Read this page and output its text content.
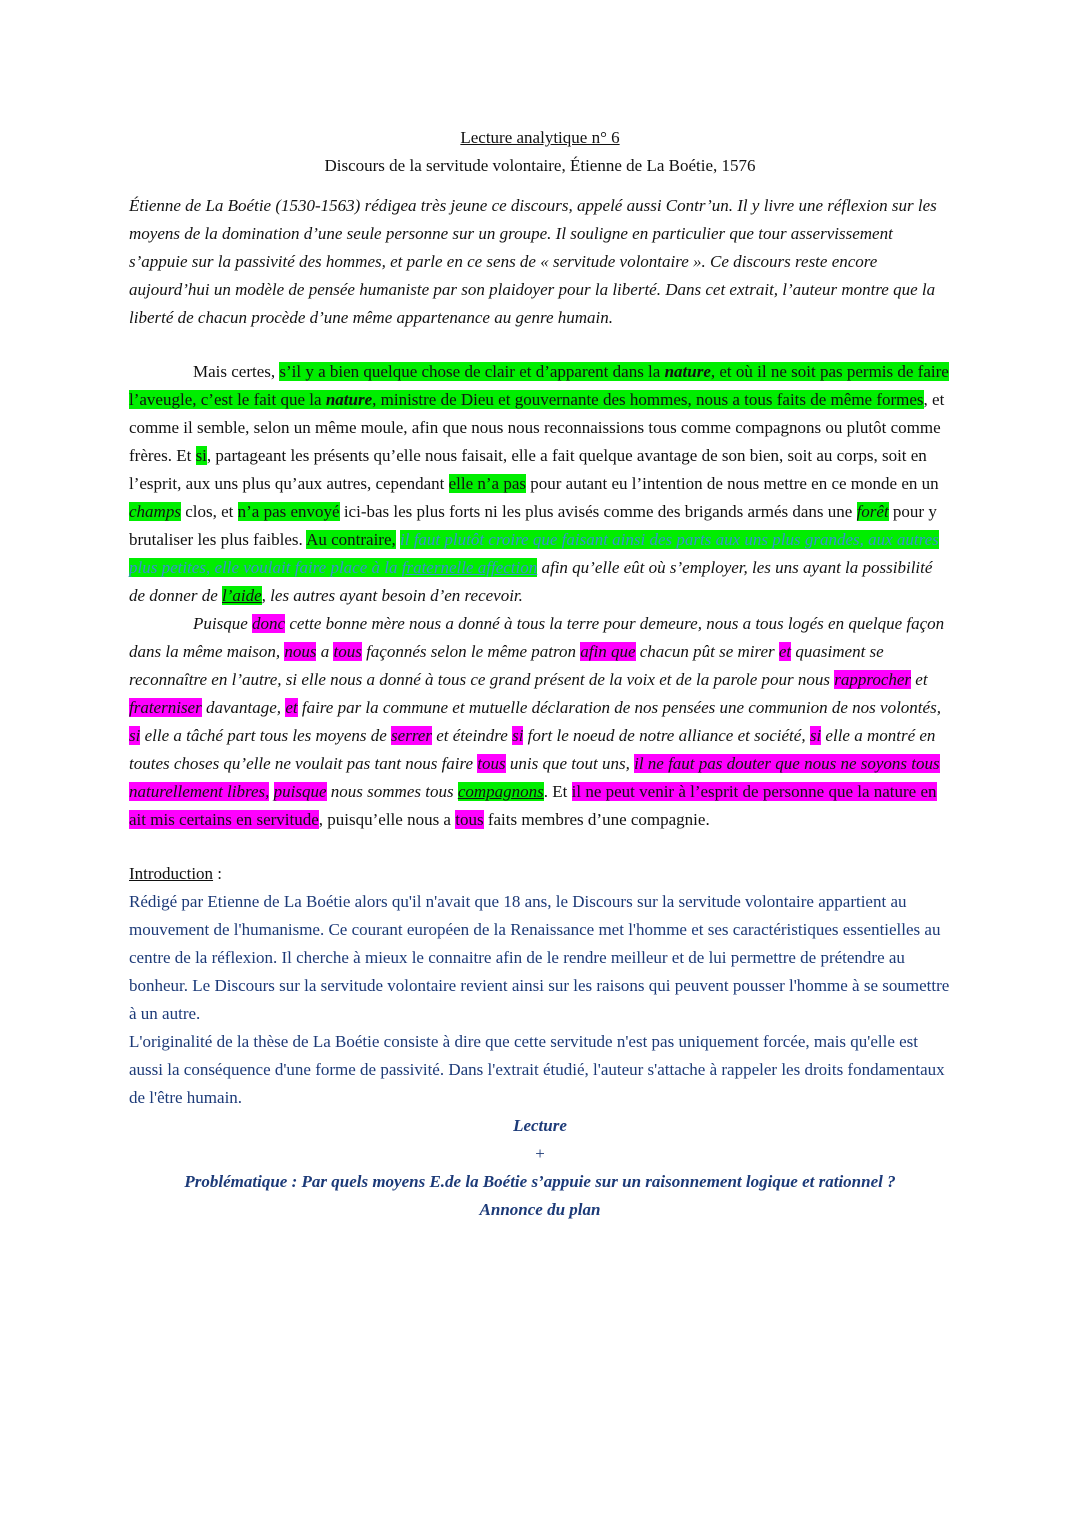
Lecture analytique n° 6
Discours de la servitude volontaire, Étienne de La Boétie, 1576
Étienne de La Boétie (1530-1563) rédigea très jeune ce discours, appelé aussi Contr’un. Il y livre une réflexion sur les moyens de la domination d’une seule personne sur un groupe. Il souligne en particulier que tour asservissement s’appuie sur la passivité des hommes, et parle en ce sens de « servitude volontaire ». Ce discours reste encore aujourd’hui un modèle de pensée humaniste par son plaidoyer pour la liberté. Dans cet extrait, l’auteur montre que la liberté de chacun procède d’une même appartenance au genre humain.

Mais certes, s’il y a bien quelque chose de clair et d’apparent dans la nature, et où il ne soit pas permis de faire l’aveugle, c’est le fait que la nature, ministre de Dieu et gouvernante des hommes, nous a tous faits de même formes, et comme il semble, selon un même moule, afin que nous nous reconnaissions tous comme compagnons ou plutôt comme frères. Et si, partageant les présents qu’elle nous faisait, elle a fait quelque avantage de son bien, soit au corps, soit en l’esprit, aux uns plus qu’aux autres, cependant elle n’a pas pour autant eu l’intention de nous mettre en ce monde en un champs clos, et n’a pas envoyé ici-bas les plus forts ni les plus avisés comme des brigands armés dans une forêt pour y brutaliser les plus faibles. Au contraire, il faut plutôt croire que faisant ainsi des parts aux uns plus grandes, aux autres plus petites, elle voulait faire place à la fraternelle affection afin qu’elle eût où s’employer, les uns ayant la possibilité de donner de l’aide, les autres ayant besoin d’en recevoir.

Puisque donc cette bonne mère nous a donné à tous la terre pour demeure, nous a tous logés en quelque façon dans la même maison, nous a tous façonnés selon le même patron afin que chacun pût se mirer et quasiment se reconnaître en l’autre, si elle nous a donné à tous ce grand présent de la voix et de la parole pour nous rapprocher et fraterniser davantage, et faire par la commune et mutuelle déclaration de nos pensées une communion de nos volontés, si elle a tâché part tous les moyens de serrer et éteindre si fort le noeud de notre alliance et société, si elle a montré en toutes choses qu’elle ne voulait pas tant nous faire tous unis que tout uns, il ne faut pas douter que nous ne soyons tous naturellement libres, puisque nous sommes tous compagnons. Et il ne peut venir à l’esprit de personne que la nature en ait mis certains en servitude, puisqu’elle nous a tous faits membres d’une compagnie.

Introduction :
Rédigé par Etienne de La Boétie alors qu'il n'avait que 18 ans, le Discours sur la servitude volontaire appartient au mouvement de l'humanisme. Ce courant européen de la Renaissance met l'homme et ses caractéristiques essentielles au centre de la réflexion. Il cherche à mieux le connaitre afin de le rendre meilleur et de lui permettre de prétendre au bonheur. Le Discours sur la servitude volontaire revient ainsi sur les raisons qui peuvent pousser l'homme à se soumettre à un autre.
L'originalité de la thèse de La Boétie consiste à dire que cette servitude n'est pas uniquement forcée, mais qu'elle est aussi la conséquence d'une forme de passivité. Dans l'extrait étudié, l'auteur s'attache à rappeler les droits fondamentaux de l'être humain.
Lecture
+
Problématique : Par quels moyens E.de la Boétie s’appuie sur un raisonnement logique et rationnel ?
Annonce du plan
